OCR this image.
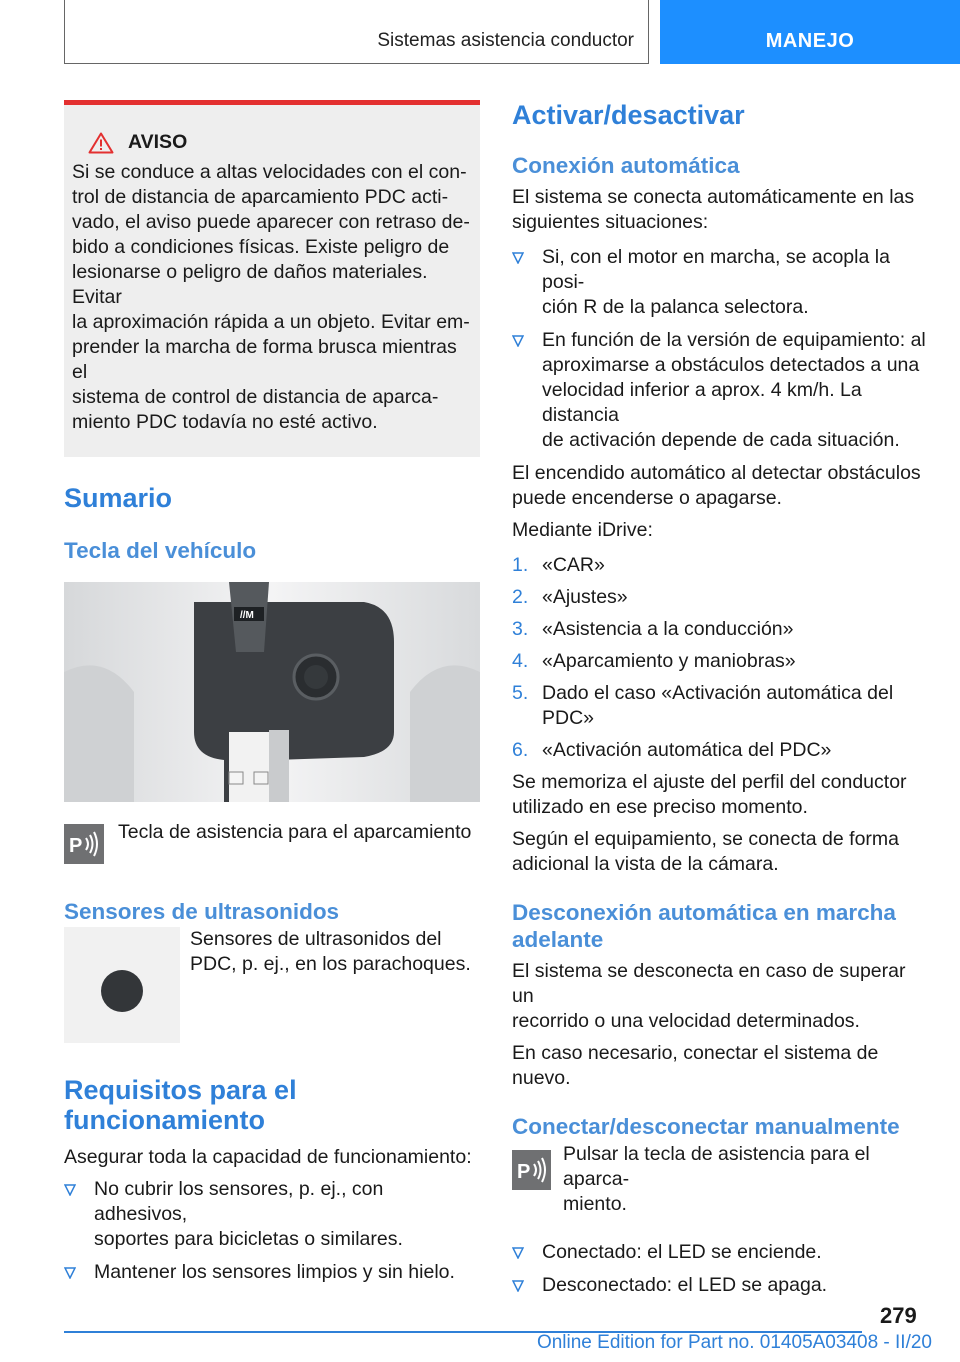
Sistemas asistencia conductor	MANEJO
AVISO

Si se conduce a altas velocidades con el con-
trol de distancia de aparcamiento PDC acti-
vado, el aviso puede aparecer con retraso de-
bido a condiciones físicas. Existe peligro de
lesionarse o peligro de daños materiales. Evitar
la aproximación rápida a un objeto. Evitar em-
prender la marcha de forma brusca mientras el
sistema de control de distancia de aparca-
miento PDC todavía no esté activo.

Sumario
Tecla del vehículo
//M
P

Tecla de asistencia para el aparcamiento

Sensores de ultrasonidos

Sensores de ultrasonidos del
PDC, p. ej., en los parachoques.

Requisitos para el
funcionamiento

Asegurar toda la capacidad de funcionamiento:

No cubrir los sensores, p. ej., con adhesivos,
soportes para bicicletas o similares.
Mantener los sensores limpios y sin hielo.
Activar/desactivar
Conexión automática

El sistema se conecta automáticamente en las
siguientes situaciones:

Si, con el motor en marcha, se acopla la posi-
ción R de la palanca selectora.
En función de la versión de equipamiento: al
aproximarse a obstáculos detectados a una
velocidad inferior a aprox. 4 km/h. La distancia
de activación depende de cada situación.

El encendido automático al detectar obstáculos
puede encenderse o apagarse.

Mediante iDrive:

1. «CAR»
2. «Ajustes»
3. «Asistencia a la conducción»
4. «Aparcamiento y maniobras»
5. Dado el caso «Activación automática del
PDC»
6. «Activación automática del PDC»

Se memoriza el ajuste del perfil del conductor
utilizado en ese preciso momento.

Según el equipamiento, se conecta de forma
adicional la vista de la cámara.

Desconexión automática en marcha
adelante

El sistema se desconecta en caso de superar un
recorrido o una velocidad determinados.

En caso necesario, conectar el sistema de
nuevo.

Conectar/desconectar manualmente
P

Pulsar la tecla de asistencia para el aparca-
miento.

Conectado: el LED se enciende.
Desconectado: el LED se apaga.
279
Online Edition for Part no. 01405A03408 - II/20
